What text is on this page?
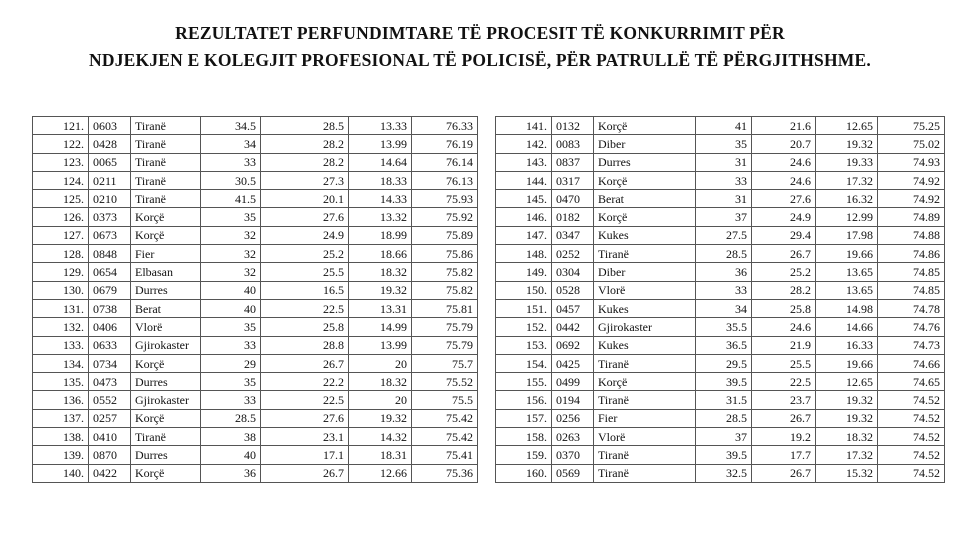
REZULTATET PERFUNDIMTARE TË PROCESIT TË KONKURRIMIT PËR
NDJEKJEN E KOLEGJIT PROFESIONAL TË POLICISË, PËR PATRULLË TË PËRGJITHSHME.
121.	0603	Tiranë	34.5	28.5	13.33	76.33
122.	0428	Tiranë	34	28.2	13.99	76.19
123.	0065	Tiranë	33	28.2	14.64	76.14
124.	0211	Tiranë	30.5	27.3	18.33	76.13
125.	0210	Tiranë	41.5	20.1	14.33	75.93
126.	0373	Korçë	35	27.6	13.32	75.92
127.	0673	Korçë	32	24.9	18.99	75.89
128.	0848	Fier	32	25.2	18.66	75.86
129.	0654	Elbasan	32	25.5	18.32	75.82
130.	0679	Durres	40	16.5	19.32	75.82
131.	0738	Berat	40	22.5	13.31	75.81
132.	0406	Vlorë	35	25.8	14.99	75.79
133.	0633	Gjirokaster	33	28.8	13.99	75.79
134.	0734	Korçë	29	26.7	20	75.7
135.	0473	Durres	35	22.2	18.32	75.52
136.	0552	Gjirokaster	33	22.5	20	75.5
137.	0257	Korçë	28.5	27.6	19.32	75.42
138.	0410	Tiranë	38	23.1	14.32	75.42
139.	0870	Durres	40	17.1	18.31	75.41
140.	0422	Korçë	36	26.7	12.66	75.36
141.	0132	Korçë	41	21.6	12.65	75.25
142.	0083	Diber	35	20.7	19.32	75.02
143.	0837	Durres	31	24.6	19.33	74.93
144.	0317	Korçë	33	24.6	17.32	74.92
145.	0470	Berat	31	27.6	16.32	74.92
146.	0182	Korçë	37	24.9	12.99	74.89
147.	0347	Kukes	27.5	29.4	17.98	74.88
148.	0252	Tiranë	28.5	26.7	19.66	74.86
149.	0304	Diber	36	25.2	13.65	74.85
150.	0528	Vlorë	33	28.2	13.65	74.85
151.	0457	Kukes	34	25.8	14.98	74.78
152.	0442	Gjirokaster	35.5	24.6	14.66	74.76
153.	0692	Kukes	36.5	21.9	16.33	74.73
154.	0425	Tiranë	29.5	25.5	19.66	74.66
155.	0499	Korçë	39.5	22.5	12.65	74.65
156.	0194	Tiranë	31.5	23.7	19.32	74.52
157.	0256	Fier	28.5	26.7	19.32	74.52
158.	0263	Vlorë	37	19.2	18.32	74.52
159.	0370	Tiranë	39.5	17.7	17.32	74.52
160.	0569	Tiranë	32.5	26.7	15.32	74.52
